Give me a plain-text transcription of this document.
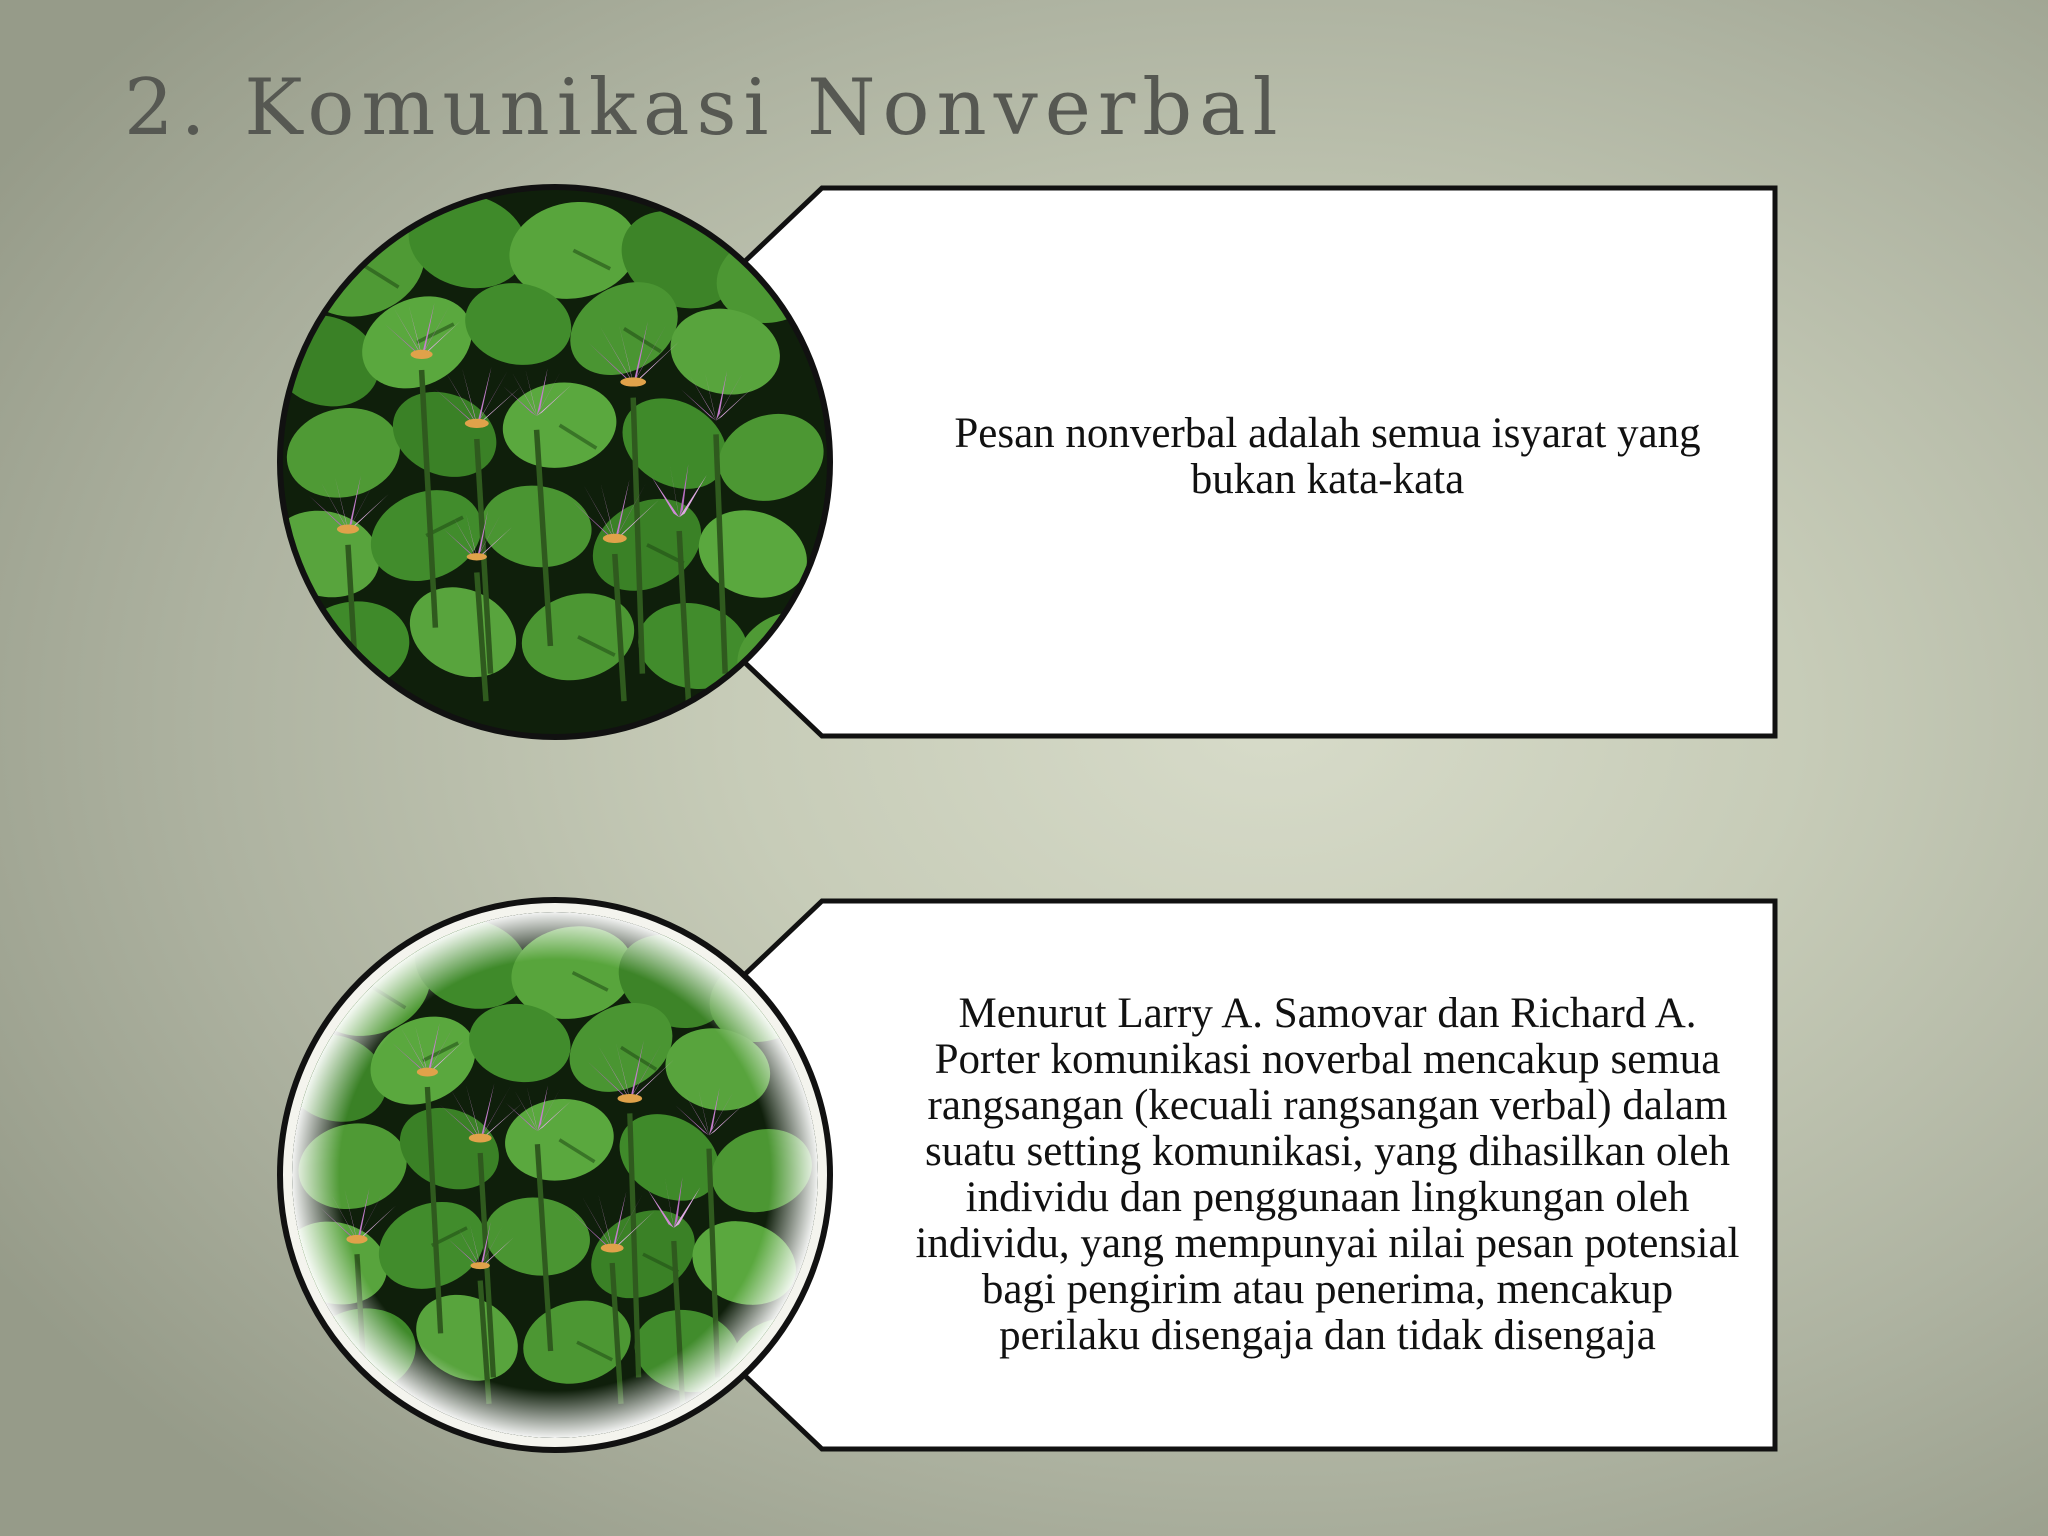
2. Komunikasi Nonverbal
Pesan nonverbal adalah semua isyarat yang bukan kata-kata
Menurut Larry A. Samovar dan Richard A. Porter komunikasi noverbal mencakup semua rangsangan (kecuali rangsangan verbal) dalam suatu setting komunikasi, yang dihasilkan oleh individu dan penggunaan lingkungan oleh individu, yang mempunyai nilai pesan potensial bagi pengirim atau penerima, mencakup perilaku disengaja dan tidak disengaja
